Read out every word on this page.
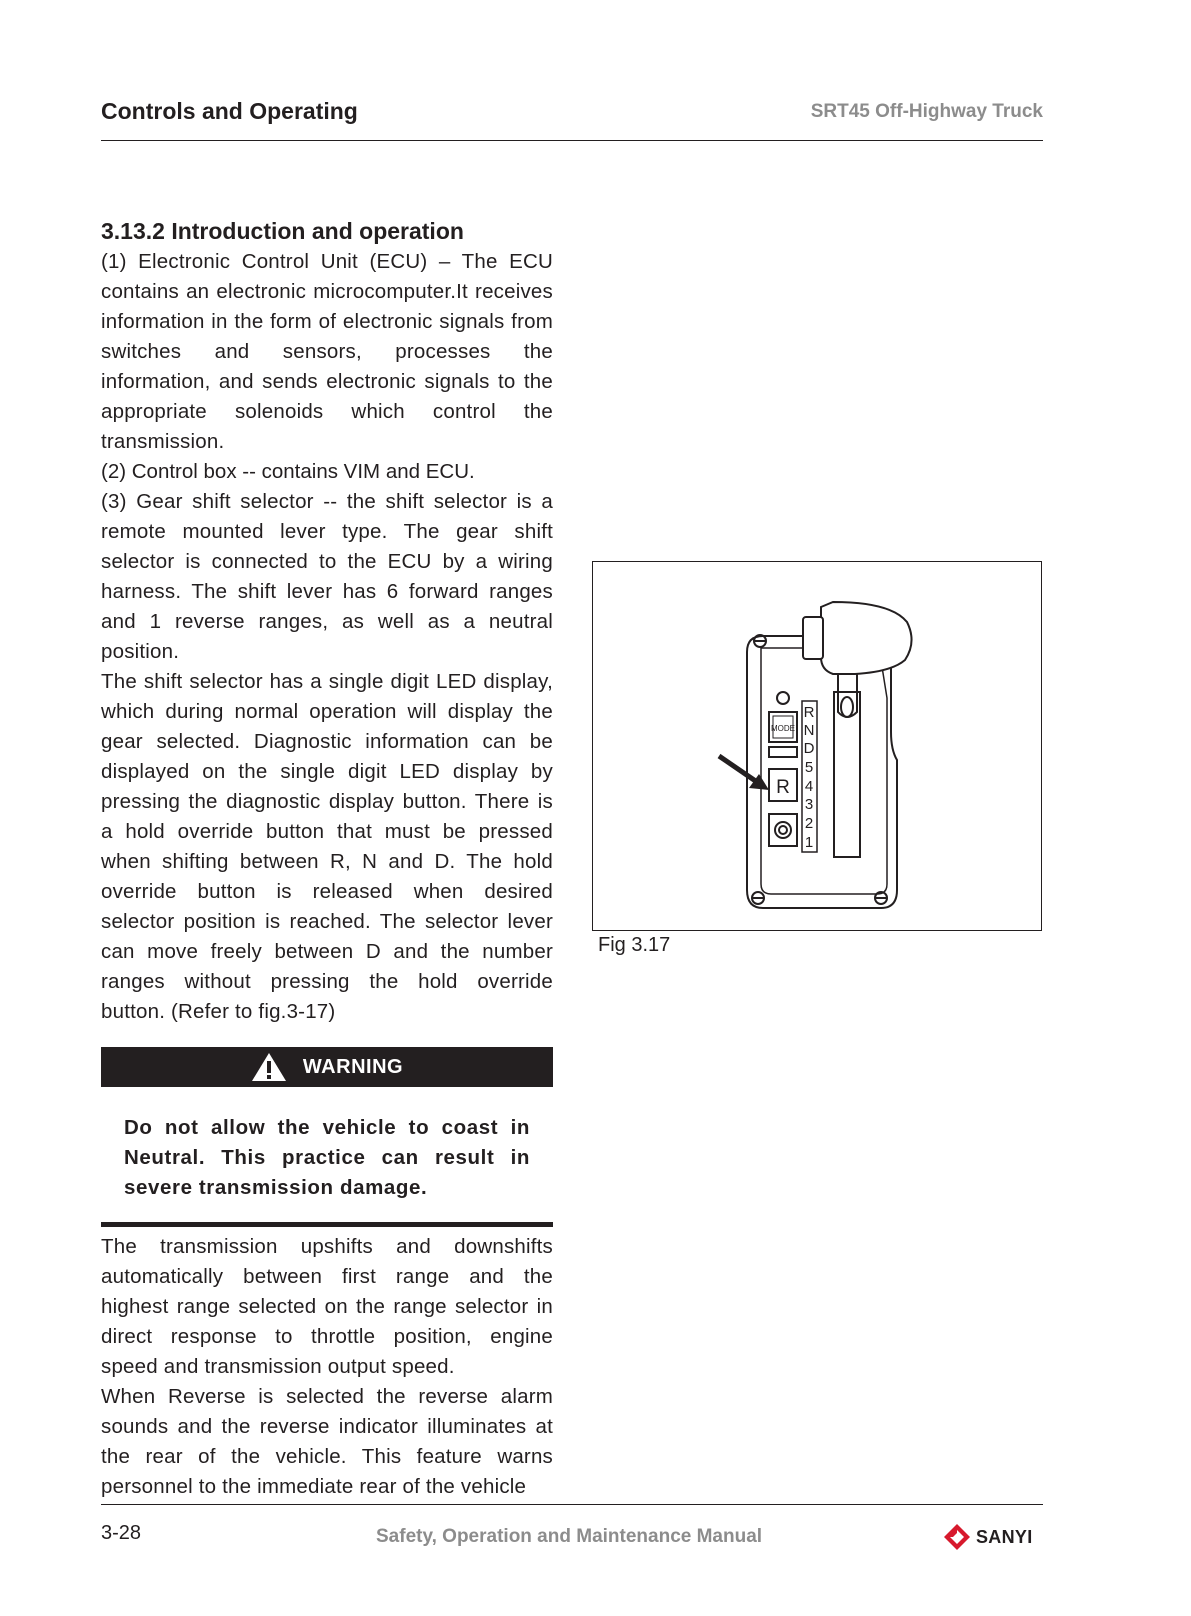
Controls and Operating	SRT45 Off-Highway Truck
3.13.2 Introduction and operation

(1) Electronic Control Unit (ECU) – The ECU contains an electronic microcomputer.It receives information in the form of electronic signals from switches and sensors, processes the information, and sends electronic signals to the appropriate solenoids which control the transmission.

(2) Control box -- contains VIM and ECU.

(3) Gear shift selector -- the shift selector is a remote mounted lever type. The gear shift selector is connected to the ECU by a wiring harness. The shift lever has 6 forward ranges and 1 reverse ranges, as well as a neutral position.

The shift selector has a single digit LED display, which during normal operation will display the gear selected. Diagnostic information can be displayed on the single digit LED display by pressing the diagnostic display button. There is a hold override button that must be pressed when shifting between R, N and D. The hold override button is released when desired selector position is reached. The selector lever can move freely between D and the number ranges without pressing the hold override button. (Refer to fig.3-17)

WARNING
Do not allow the vehicle to coast in Neutral. This practice can result in severe transmission damage.

The transmission upshifts and downshifts automatically between first range and the highest range selected on the range selector in direct response to throttle position, engine speed and transmission output speed.

When Reverse is selected the reverse alarm sounds and the reverse indicator illuminates at the rear of the vehicle. This feature warns personnel to the immediate rear of the vehicle

MODE
R
R
N
D
5
4
3
2
1
Fig 3.17
3-28	Safety, Operation and Maintenance Manual	SANYI
